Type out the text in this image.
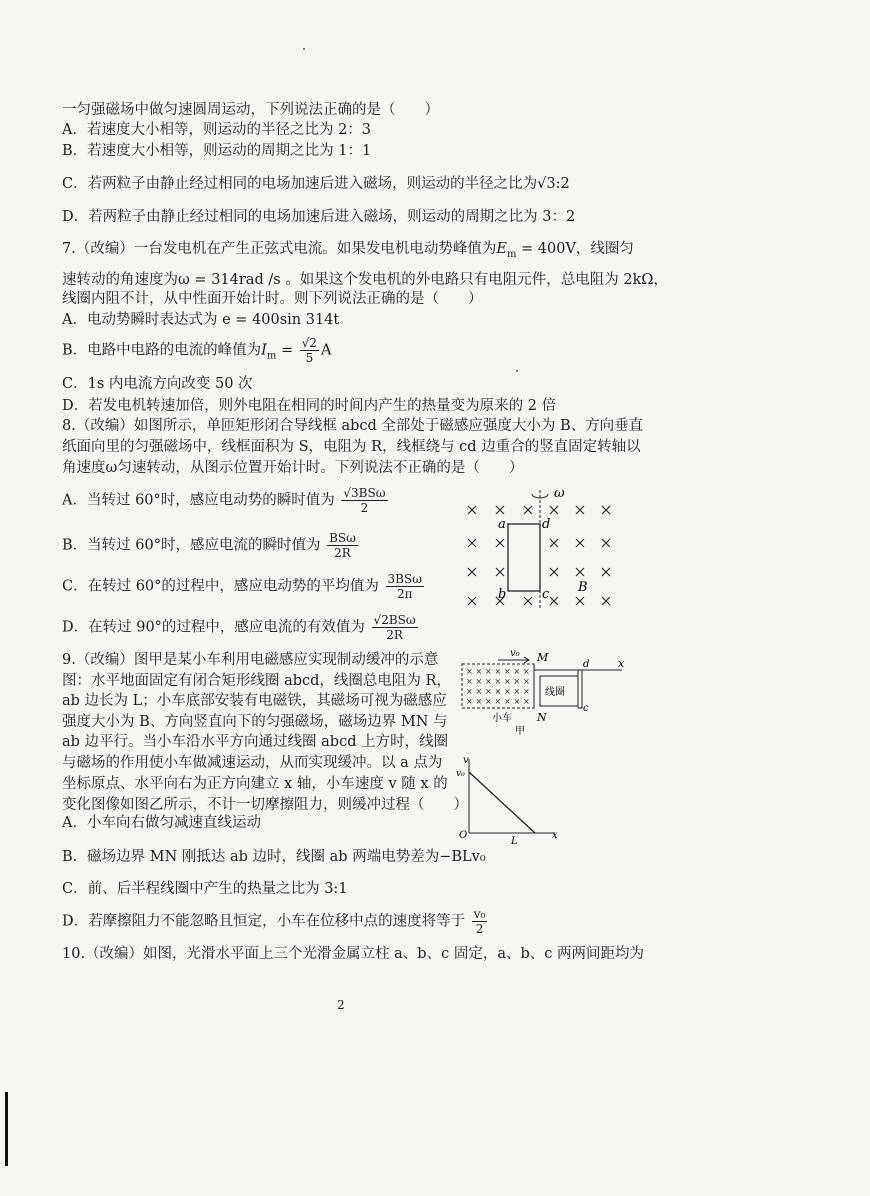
一匀强磁场中做匀速圆周运动，下列说法正确的是（　　）
A．若速度大小相等，则运动的半径之比为 2：3
B．若速度大小相等，则运动的周期之比为 1：1
C．若两粒子由静止经过相同的电场加速后进入磁场，则运动的半径之比为√3:2
D．若两粒子由静止经过相同的电场加速后进入磁场，则运动的周期之比为 3：2
7.（改编）一台发电机在产生正弦式电流。如果发电机电动势峰值为$E_m = 400V$，线圈匀
速转动的角速度为ω = 314rad /s 。如果这个发电机的外电路只有电阻元件，总电阻为 2kΩ，
线圈内阻不计，从中性面开始计时。则下列说法正确的是（　　）
A．电动势瞬时表达式为 e = 400sin 314t
B．电路中电路的电流的峰值为$I_m = \frac{√2}{5}$ A
C．1s 内电流方向改变 50 次
D．若发电机转速加倍，则外电阻在相同的时间内产生的热量变为原来的 2 倍
8.（改编）如图所示，单匝矩形闭合导线框 abcd 全部处于磁感应强度大小为 B、方向垂直
纸面向里的匀强磁场中，线框面积为 S，电阻为 R，线框绕与 cd 边重合的竖直固定转轴以
角速度ω匀速转动，从图示位置开始计时。下列说法不正确的是（　　）
A．当转过 60°时，感应电动势的瞬时值为 $\frac{\text{√3BSω}}{2}$
B．当转过 60°时，感应电流的瞬时值为 $\frac{\text{BSω}}{2R}$
C．在转过 60°的过程中，感应电动势的平均值为 $\frac{\text{3BSω}}{2\pi}$
D．在转过 90°的过程中，感应电流的有效值为 $\frac{\text{√2BSω}}{2R}$
ω
a	d
b	c B
9.（改编）图甲是某小车利用电磁感应实现制动缓冲的示意
图：水平地面固定有闭合矩形线圈 abcd，线圈总电阻为 R，
ab 边长为 L；小车底部安装有电磁铁，其磁场可视为磁感应
强度大小为 B、方向竖直向下的匀强磁场，磁场边界 MN 与
ab 边平行。当小车沿水平方向通过线圈 abcd 上方时，线圈
与磁场的作用使小车做减速运动，从而实现缓冲。以 a 点为
坐标原点、水平向右为正方向建立 x 轴，小车速度 v 随 x 的
变化图像如图乙所示，不计一切摩擦阻力，则缓冲过程（　　）
A．小车向右做匀减速直线运动
B．磁场边界 MN 刚抵达 ab 边时，线圈 ab 两端电势差为−BLv₀
C．前、后半程线圈中产生的热量之比为 3:1
D．若摩擦阻力不能忽略且恒定，小车在位移中点的速度将等于 $\frac{\text{v₀}}{2}$
v₀
× × × × × × ×
× × × × × × ×
× × × × × × ×
× × × × × × ×
M
N
x
d
线圈
c
小车
甲
v
v₀
O
L
x
10.（改编）如图，光滑水平面上三个光滑金属立柱 a、b、c 固定，a、b、c 两两间距均为
2
